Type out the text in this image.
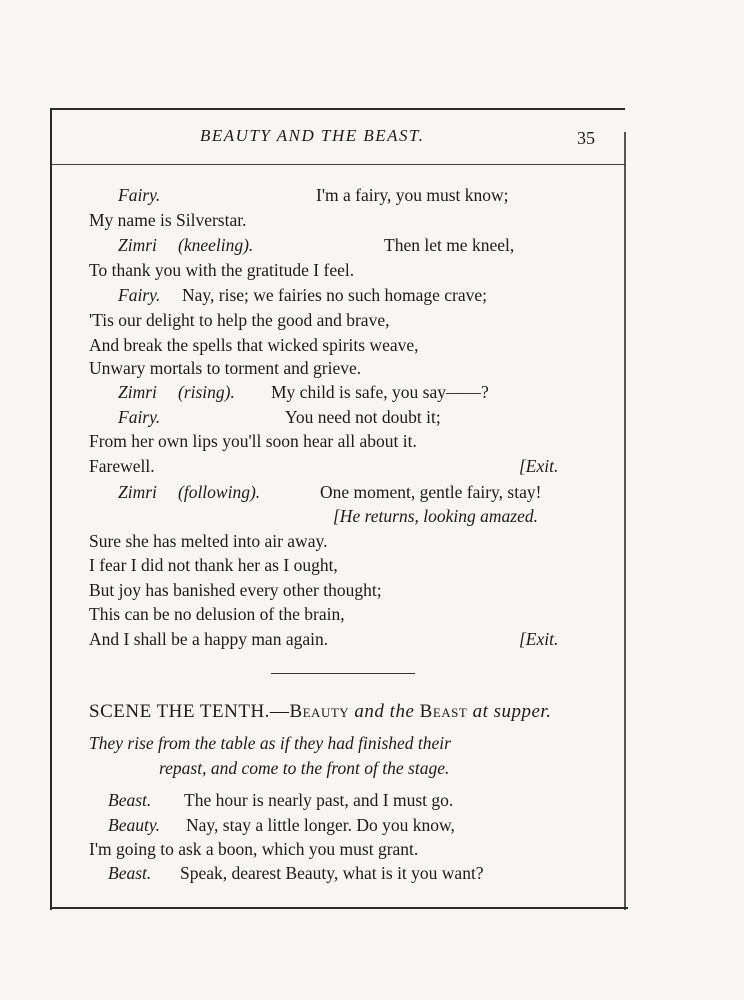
BEAUTY AND THE BEAST.	35
Fairy.	I'm a fairy, you must know;
My name is Silverstar.
Zimri (kneeling).	Then let me kneel,
To thank you with the gratitude I feel.
Fairy. Nay, rise; we fairies no such homage crave;
'Tis our delight to help the good and brave,
And break the spells that wicked spirits weave,
Unwary mortals to torment and grieve.
Zimri (rising). My child is safe, you say——?
Fairy.	You need not doubt it;
From her own lips you'll soon hear all about it.
Farewell.	[Exit.
Zimri (following).	One moment, gentle fairy, stay!
[He returns, looking amazed.
Sure she has melted into air away.
I fear I did not thank her as I ought,
But joy has banished every other thought;
This can be no delusion of the brain,
And I shall be a happy man again.	[Exit.
SCENE THE TENTH.—Beauty and the Beast at supper.
They rise from the table as if they had finished their
repast, and come to the front of the stage.
Beast. The hour is nearly past, and I must go.
Beauty. Nay, stay a little longer. Do you know,
I'm going to ask a boon, which you must grant.
Beast. Speak, dearest Beauty, what is it you want?
